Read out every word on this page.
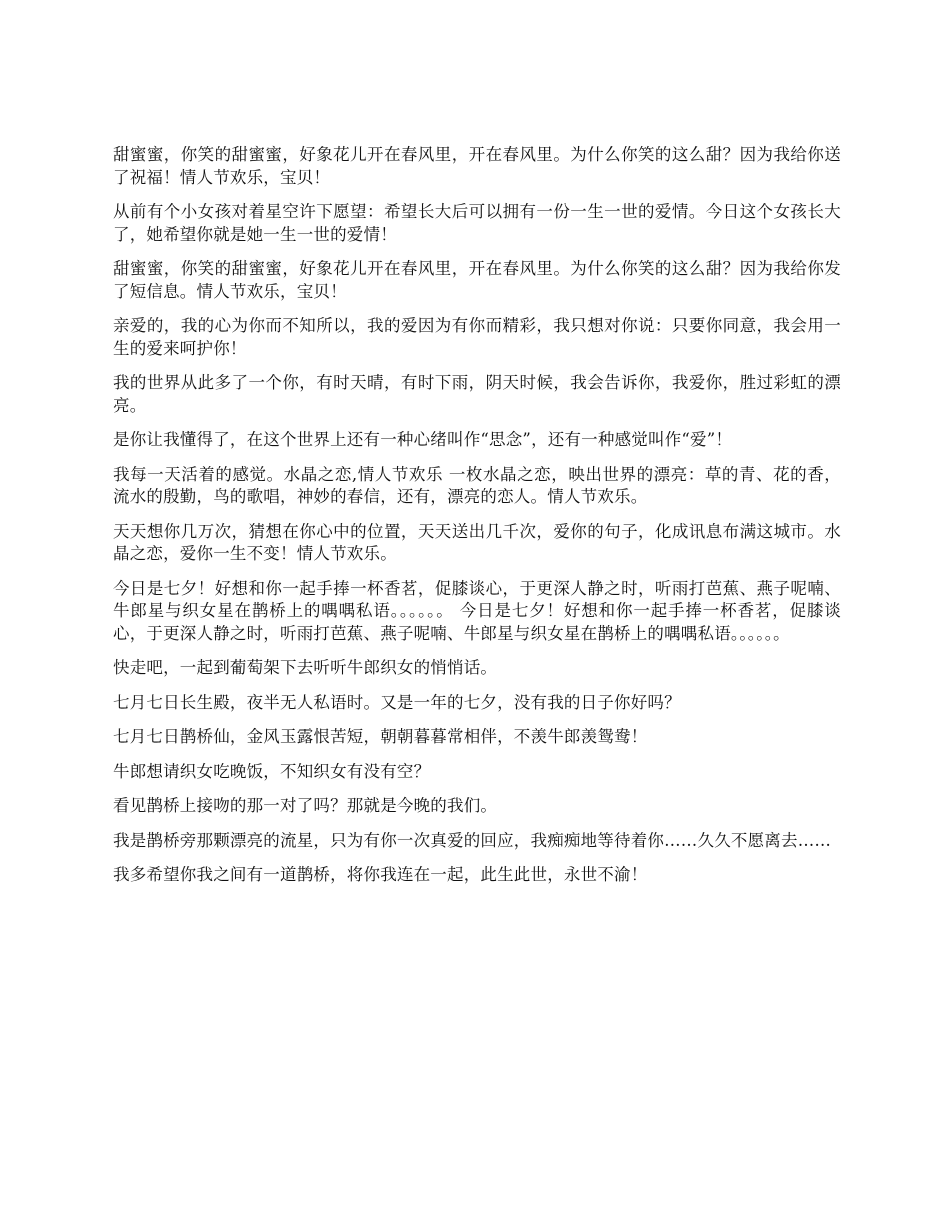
甜蜜蜜，你笑的甜蜜蜜，好象花儿开在春风里，开在春风里。为什么你笑的这么甜？因为我给你送了祝福！情人节欢乐，宝贝！

从前有个小女孩对着星空许下愿望：希望长大后可以拥有一份一生一世的爱情。今日这个女孩长大了，她希望你就是她一生一世的爱情！

甜蜜蜜，你笑的甜蜜蜜，好象花儿开在春风里，开在春风里。为什么你笑的这么甜？因为我给你发了短信息。情人节欢乐，宝贝！

亲爱的，我的心为你而不知所以，我的爱因为有你而精彩，我只想对你说：只要你同意，我会用一生的爱来呵护你！

我的世界从此多了一个你，有时天晴，有时下雨，阴天时候，我会告诉你，我爱你，胜过彩虹的漂亮。

是你让我懂得了，在这个世界上还有一种心绪叫作“思念”，还有一种感觉叫作“爱”！

我每一天活着的感觉。水晶之恋,情人节欢乐 一枚水晶之恋，映出世界的漂亮：草的青、花的香，流水的殷勤，鸟的歌唱，神妙的春信，还有，漂亮的恋人。情人节欢乐。

天天想你几万次，猜想在你心中的位置，天天送出几千次，爱你的句子，化成讯息布满这城市。水晶之恋，爱你一生不变！情人节欢乐。

今日是七夕！好想和你一起手捧一杯香茗，促膝谈心，于更深人静之时，听雨打芭蕉、燕子呢喃、牛郎星与织女星在鹊桥上的喁喁私语。。。。。。 今日是七夕！好想和你一起手捧一杯香茗，促膝谈心，于更深人静之时，听雨打芭蕉、燕子呢喃、牛郎星与织女星在鹊桥上的喁喁私语。。。。。。

快走吧，一起到葡萄架下去听听牛郎织女的悄悄话。

七月七日长生殿，夜半无人私语时。又是一年的七夕，没有我的日子你好吗？

七月七日鹊桥仙，金风玉露恨苦短，朝朝暮暮常相伴，不羡牛郎羡鸳鸯！

牛郎想请织女吃晚饭，不知织女有没有空？

看见鹊桥上接吻的那一对了吗？那就是今晚的我们。

我是鹊桥旁那颗漂亮的流星，只为有你一次真爱的回应，我痴痴地等待着你……久久不愿离去……

我多希望你我之间有一道鹊桥，将你我连在一起，此生此世，永世不渝！
